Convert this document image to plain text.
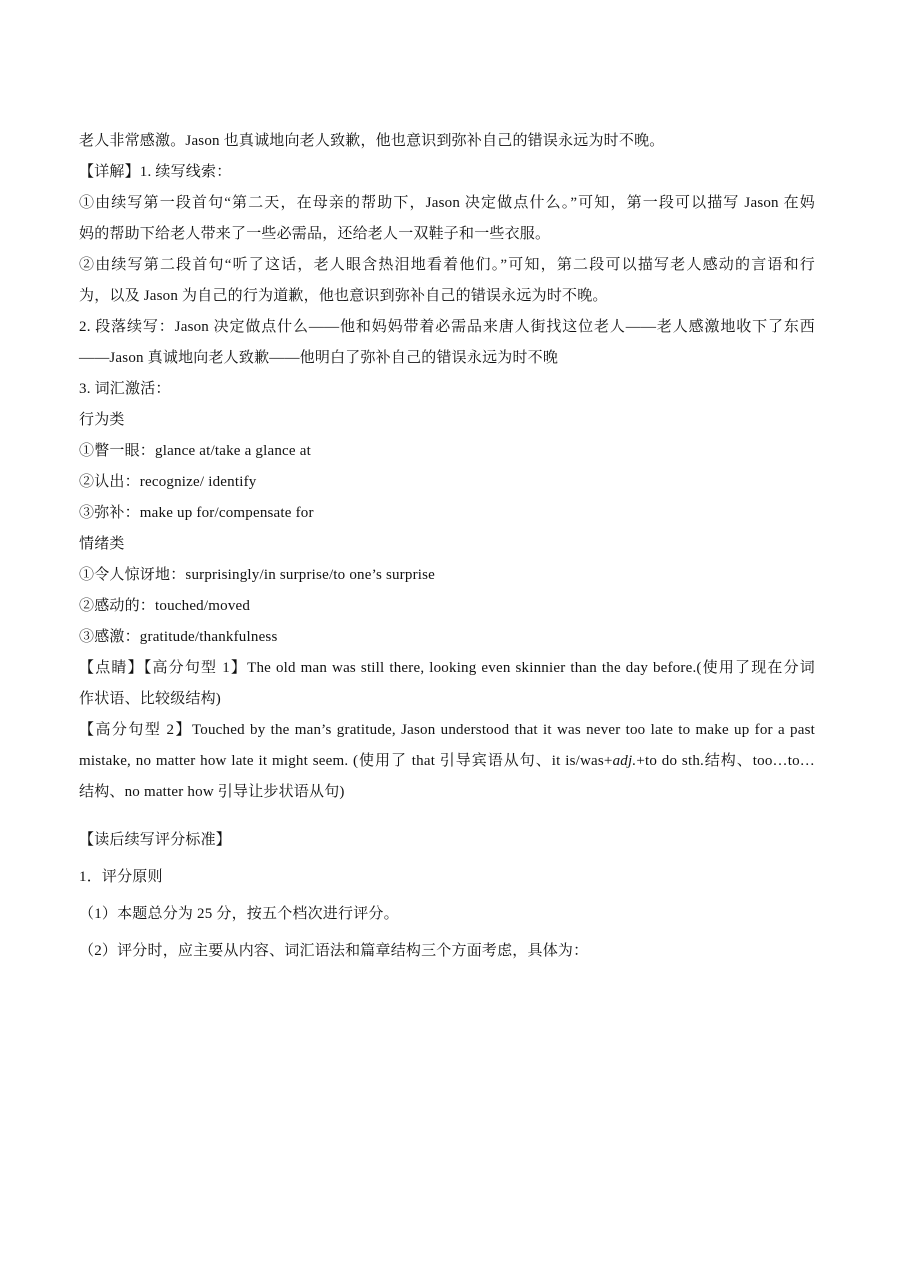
老人非常感激。Jason 也真诚地向老人致歉，他也意识到弥补自己的错误永远为时不晚。
【详解】1. 续写线索：
①由续写第一段首句“第二天，在母亲的帮助下，Jason 决定做点什么。”可知，第一段可以描写 Jason 在妈
妈的帮助下给老人带来了一些必需品，还给老人一双鞋子和一些衣服。
②由续写第二段首句“听了这话，老人眼含热泪地看着他们。”可知，第二段可以描写老人感动的言语和行
为，以及 Jason 为自己的行为道歉，他也意识到弥补自己的错误永远为时不晚。
2. 段落续写：Jason 决定做点什么——他和妈妈带着必需品来唐人街找这位老人——老人感激地收下了东西
——Jason 真诚地向老人致歉——他明白了弥补自己的错误永远为时不晚
3. 词汇激活：
行为类
①瞥一眼：glance at/take a glance at
②认出：recognize/ identify
③弥补：make up for/compensate for
情绪类
①令人惊讶地：surprisingly/in surprise/to one’s surprise
②感动的：touched/moved
③感激：gratitude/thankfulness
【点睛】【高分句型 1】The old man was still there, looking even skinnier than the day before.(使用了现在分词
作状语、比较级结构)
【高分句型 2】Touched by the man’s gratitude, Jason understood that it was never too late to make up for a past
mistake, no matter how late it might seem. (使用了 that 引导宾语从句、it is/was+adj.+to do sth.结构、too…to…
结构、no matter how 引导让步状语从句)
【读后续写评分标准】
1．评分原则
（1）本题总分为 25 分，按五个档次进行评分。
（2）评分时，应主要从内容、词汇语法和篇章结构三个方面考虑，具体为：
